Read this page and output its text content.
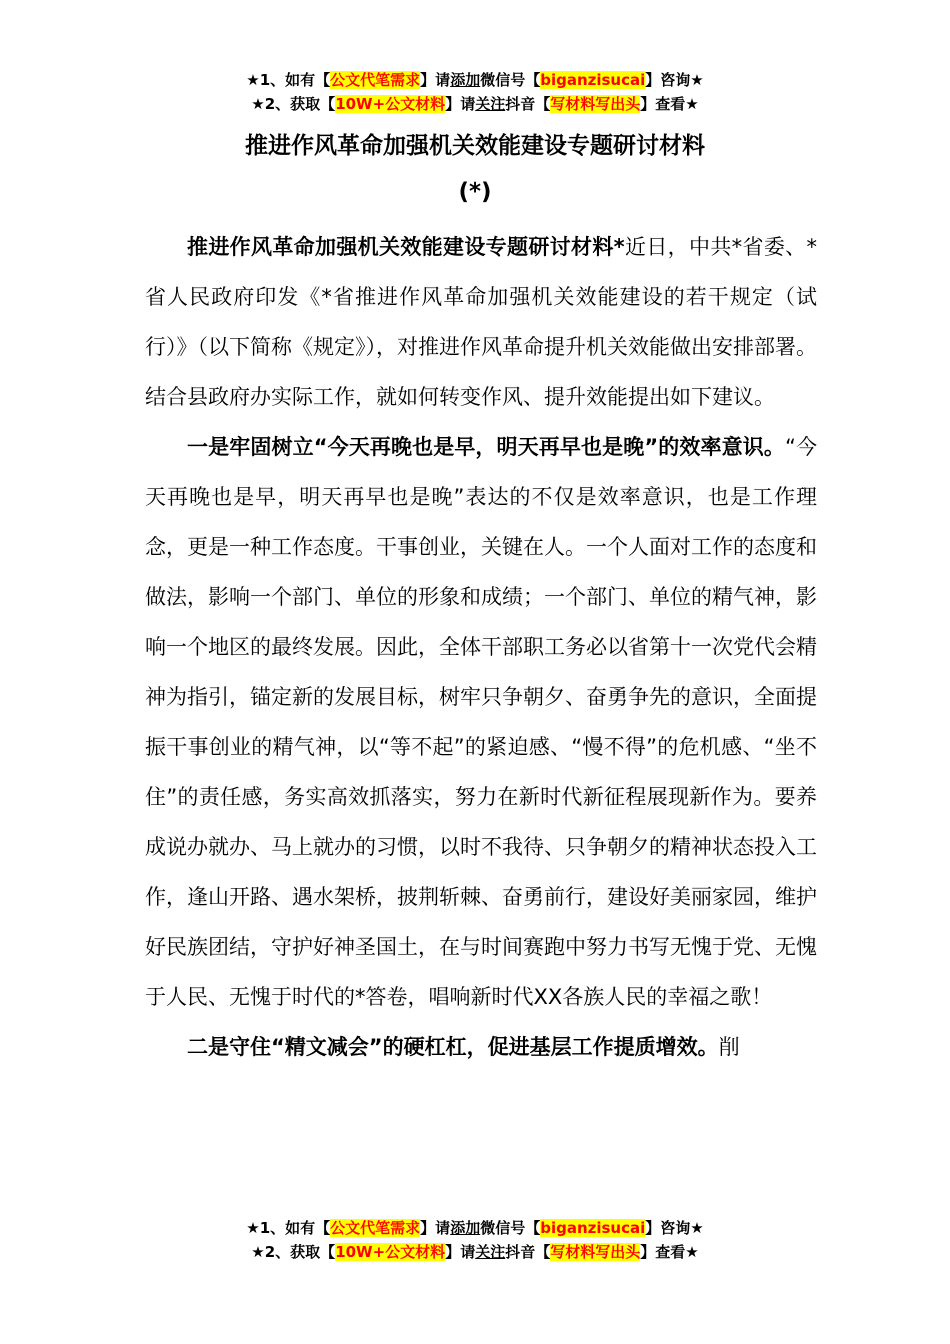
★1、如有【公文代笔需求】请添加微信号【biganzisucai】咨询★
★2、获取【10W+公文材料】请关注抖音【写材料写出头】查看★
推进作风革命加强机关效能建设专题研讨材料
(*)

推进作风革命加强机关效能建设专题研讨材料*近日，中共*省委、*省人民政府印发《*省推进作风革命加强机关效能建设的若干规定（试行）》（以下简称《规定》），对推进作风革命提升机关效能做出安排部署。结合县政府办实际工作，就如何转变作风、提升效能提出如下建议。

一是牢固树立“今天再晚也是早，明天再早也是晚”的效率意识。“今天再晚也是早，明天再早也是晚”表达的不仅是效率意识，也是工作理念，更是一种工作态度。干事创业，关键在人。一个人面对工作的态度和做法，影响一个部门、单位的形象和成绩；一个部门、单位的精气神，影响一个地区的最终发展。因此，全体干部职工务必以省第十一次党代会精神为指引，锚定新的发展目标，树牢只争朝夕、奋勇争先的意识，全面提振干事创业的精气神，以“等不起”的紧迫感、“慢不得”的危机感、“坐不住”的责任感，务实高效抓落实，努力在新时代新征程展现新作为。要养成说办就办、马上就办的习惯，以时不我待、只争朝夕的精神状态投入工作，逢山开路、遇水架桥，披荆斩棘、奋勇前行，建设好美丽家园，维护好民族团结，守护好神圣国土，在与时间赛跑中努力书写无愧于党、无愧于人民、无愧于时代的*答卷，唱响新时代XX各族人民的幸福之歌！

二是守住“精文减会”的硬杠杠，促进基层工作提质增效。削

★1、如有【公文代笔需求】请添加微信号【biganzisucai】咨询★
★2、获取【10W+公文材料】请关注抖音【写材料写出头】查看★
